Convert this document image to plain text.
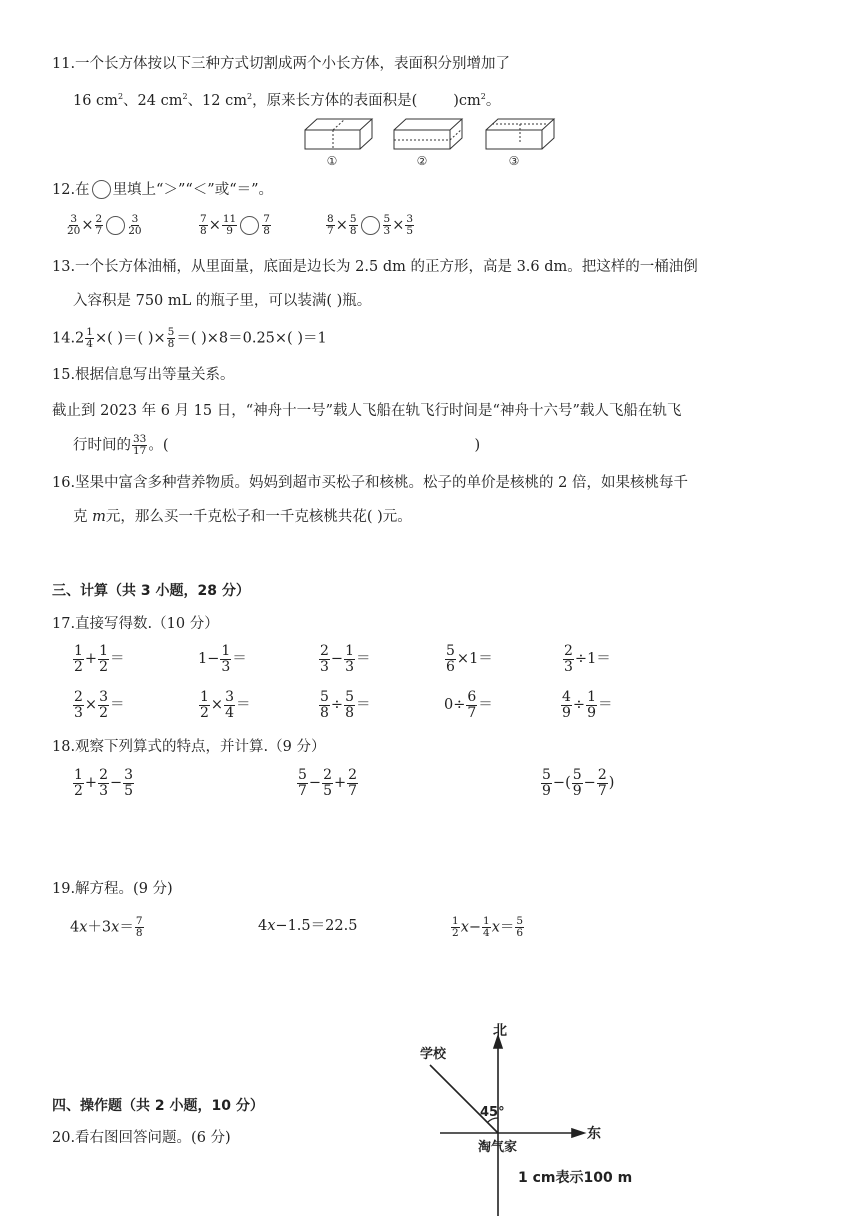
11.一个长方体按以下三种方式切割成两个小长方体，表面积分别增加了
16 $cm^2$、24 $cm^2$、12 $cm^2$，原来长方体的表面积是( )$cm^2$。
①	②	③
12.在 里填上“＞”“＜”或“＝”。
$\frac{3}{20} \times \frac{2}{7} \frac{3}{20}$	$\frac{7}{8} \times \frac{11}{9} \frac{7}{8}$	$\frac{8}{7} \times \frac{5}{8} \frac{5}{3} \times \frac{3}{5}$
13.一个长方体油桶，从里面量，底面是边长为 2.5 dm 的正方形，高是 3.6 dm。把这样的一桶油倒
入容积是 750 mL 的瓶子里，可以装满( )瓶。
$14.2 \frac{1}{4}$ ×( )＝( )× $\frac{5}{8}$ ＝( )×8＝0.25×( )＝1
15.根据信息写出等量关系。
截止到 2023 年 6 月 15 日，“神舟十一号”载人飞船在轨飞行时间是“神舟十六号”载人飞船在轨飞
行时间的 $\frac{33}{17}$ 。(	)
16.坚果中富含多种营养物质。妈妈到超市买松子和核桃。松子的单价是核桃的 2 倍，如果核桃每千
克 m元，那么买一千克松子和一千克核桃共花( )元。
三、计算（共 3 小题，28 分）
17.直接写得数.（10 分）
$\frac{1}{2} + \frac{1}{2}$ ＝	$1- \frac{1}{3}$ ＝	$\frac{2}{3} - \frac{1}{3}$ ＝	$\frac{5}{6} \times 1=$	$\frac{2}{3} \div 1=$
$\frac{2}{3} \times \frac{3}{2}$ ＝	$\frac{1}{2} \times \frac{3}{4}$ ＝	$\frac{5}{8} \div \frac{5}{8}$ ＝	$0\div \frac{6}{7}$ ＝	$\frac{4}{9} \div \frac{1}{9}$ ＝
18.观察下列算式的特点，并计算.（9 分）
$\frac{1}{2} + \frac{2}{3} - \frac{3}{5}$	$\frac{5}{7} - \frac{2}{5} + \frac{2}{7}$	$\frac{5}{9}$ −( $\frac{5}{9} - \frac{2}{7}$ )
19.解方程。(9 分)
$4x+3x= \frac{7}{8}$	4x−1.5＝22.5	$\frac{1}{2} x- \frac{1}{4} x= \frac{5}{6}$
四、操作题（共 2 小题，10 分）
20.看右图回答问题。(6 分)
北
东
学校
45°
淘气家
1 cm表示100 m
